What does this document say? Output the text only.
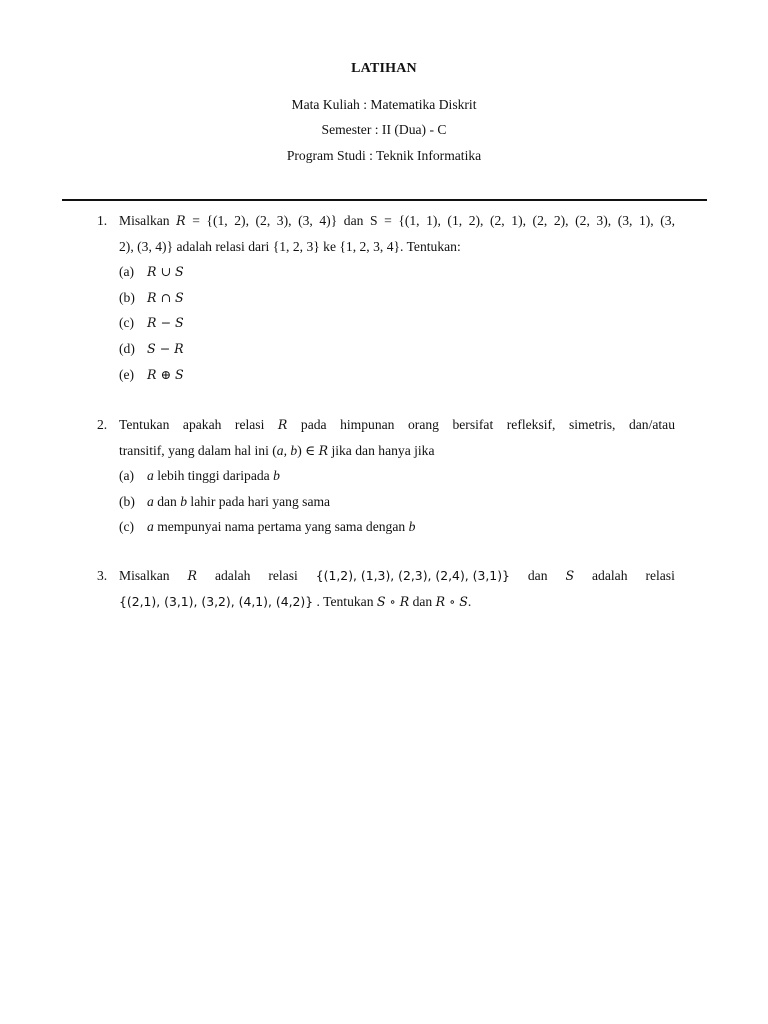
LATIHAN
Mata Kuliah : Matematika Diskrit
Semester : II (Dua) - C
Program Studi : Teknik Informatika
1. Misalkan R = {(1, 2), (2, 3), (3, 4)} dan S = {(1, 1), (1, 2), (2, 1), (2, 2), (2, 3), (3, 1), (3,
2), (3, 4)} adalah relasi dari {1, 2, 3} ke {1, 2, 3, 4}. Tentukan:
(a) R ∪ S
(b) R ∩ S
(c) R − S
(d) S − R
(e) R ⊕ S
2. Tentukan apakah relasi R pada himpunan orang bersifat refleksif, simetris, dan/atau
transitif, yang dalam hal ini (a, b) ∈ R jika dan hanya jika
(a) a lebih tinggi daripada b
(b) a dan b lahir pada hari yang sama
(c) a mempunyai nama pertama yang sama dengan b
3. Misalkan R adalah relasi {(1,2), (1,3), (2,3), (2,4), (3,1)} dan S adalah relasi
{(2,1), (3,1), (3,2), (4,1), (4,2)} . Tentukan S ∘ R dan R ∘ S.
